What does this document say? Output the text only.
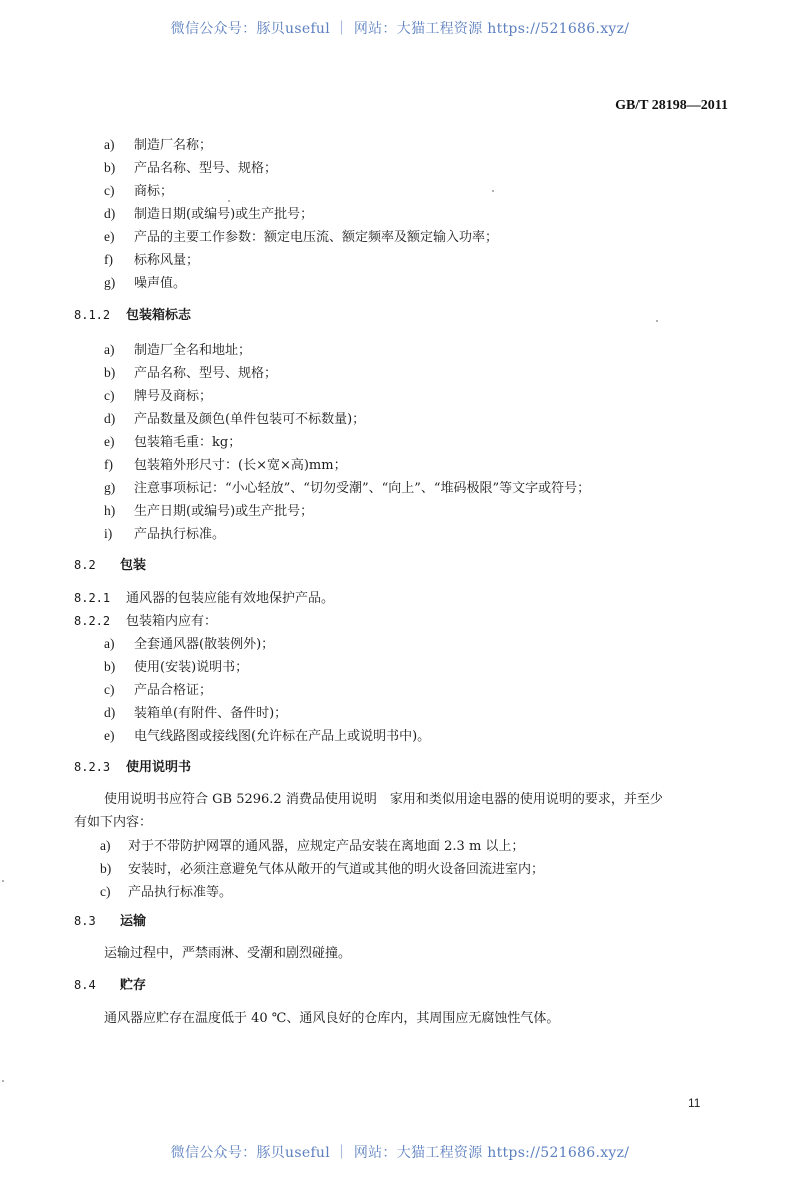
微信公众号：豚贝useful ｜ 网站：大猫工程资源 https://521686.xyz/
GB/T 28198—2011
a) 制造厂名称；
b) 产品名称、型号、规格；
c) 商标；
d) 制造日期(或编号)或生产批号；
e) 产品的主要工作参数：额定电压流、额定频率及额定输入功率；
f) 标称风量；
g) 噪声值。
8.1.2 包装箱标志
a) 制造厂全名和地址；
b) 产品名称、型号、规格；
c) 牌号及商标；
d) 产品数量及颜色(单件包装可不标数量)；
e) 包装箱毛重：kg；
f) 包装箱外形尺寸：(长×宽×高)mm；
g) 注意事项标记：“小心轻放”、“切勿受潮”、“向上”、“堆码极限”等文字或符号；
h) 生产日期(或编号)或生产批号；
i) 产品执行标准。
8.2 包装
8.2.1 通风器的包装应能有效地保护产品。
8.2.2 包装箱内应有：
a) 全套通风器(散装例外)；
b) 使用(安装)说明书；
c) 产品合格证；
d) 装箱单(有附件、备件时)；
e) 电气线路图或接线图(允许标在产品上或说明书中)。
8.2.3 使用说明书
使用说明书应符合 GB 5296.2 消费品使用说明　家用和类似用途电器的使用说明的要求，并至少
有如下内容：
a) 对于不带防护网罩的通风器，应规定产品安装在离地面 2.3 m 以上；
b) 安装时，必须注意避免气体从敞开的气道或其他的明火设备回流进室内；
c) 产品执行标准等。
8.3 运输
运输过程中，严禁雨淋、受潮和剧烈碰撞。
8.4 贮存
通风器应贮存在温度低于 40 ℃、通风良好的仓库内，其周围应无腐蚀性气体。
11
微信公众号：豚贝useful ｜ 网站：大猫工程资源 https://521686.xyz/
